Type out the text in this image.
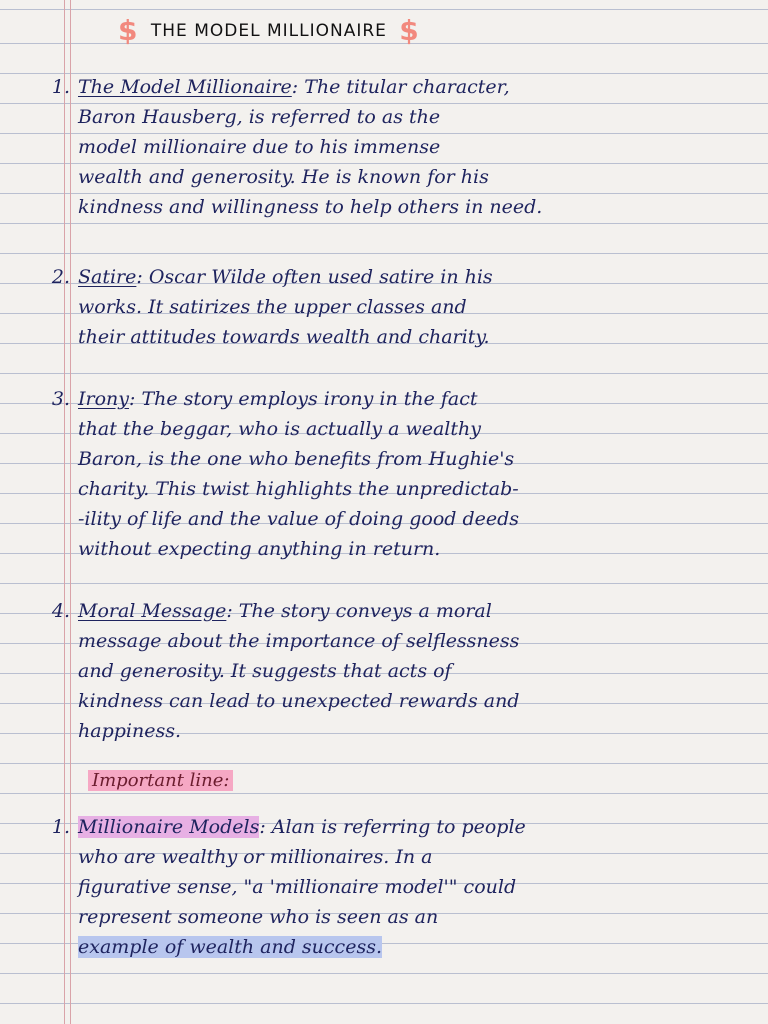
$ THE MODEL MILLIONAIRE $
1. The Model Millionaire: The titular character,
Baron Hausberg, is referred to as the
model millionaire due to his immense
wealth and generosity. He is known for his
kindness and willingness to help others in need.
2. Satire: Oscar Wilde often used satire in his
works. It satirizes the upper classes and
their attitudes towards wealth and charity.
3. Irony: The story employs irony in the fact
that the beggar, who is actually a wealthy
Baron, is the one who benefits from Hughie's
charity. This twist highlights the unpredictab-
-ility of life and the value of doing good deeds
without expecting anything in return.
4. Moral Message: The story conveys a moral
message about the importance of selflessness
and generosity. It suggests that acts of
kindness can lead to unexpected rewards and
happiness.
Important line:
1. Millionaire Models: Alan is referring to people
who are wealthy or millionaires. In a
figurative sense, "a 'millionaire model'" could
represent someone who is seen as an
example of wealth and success.
